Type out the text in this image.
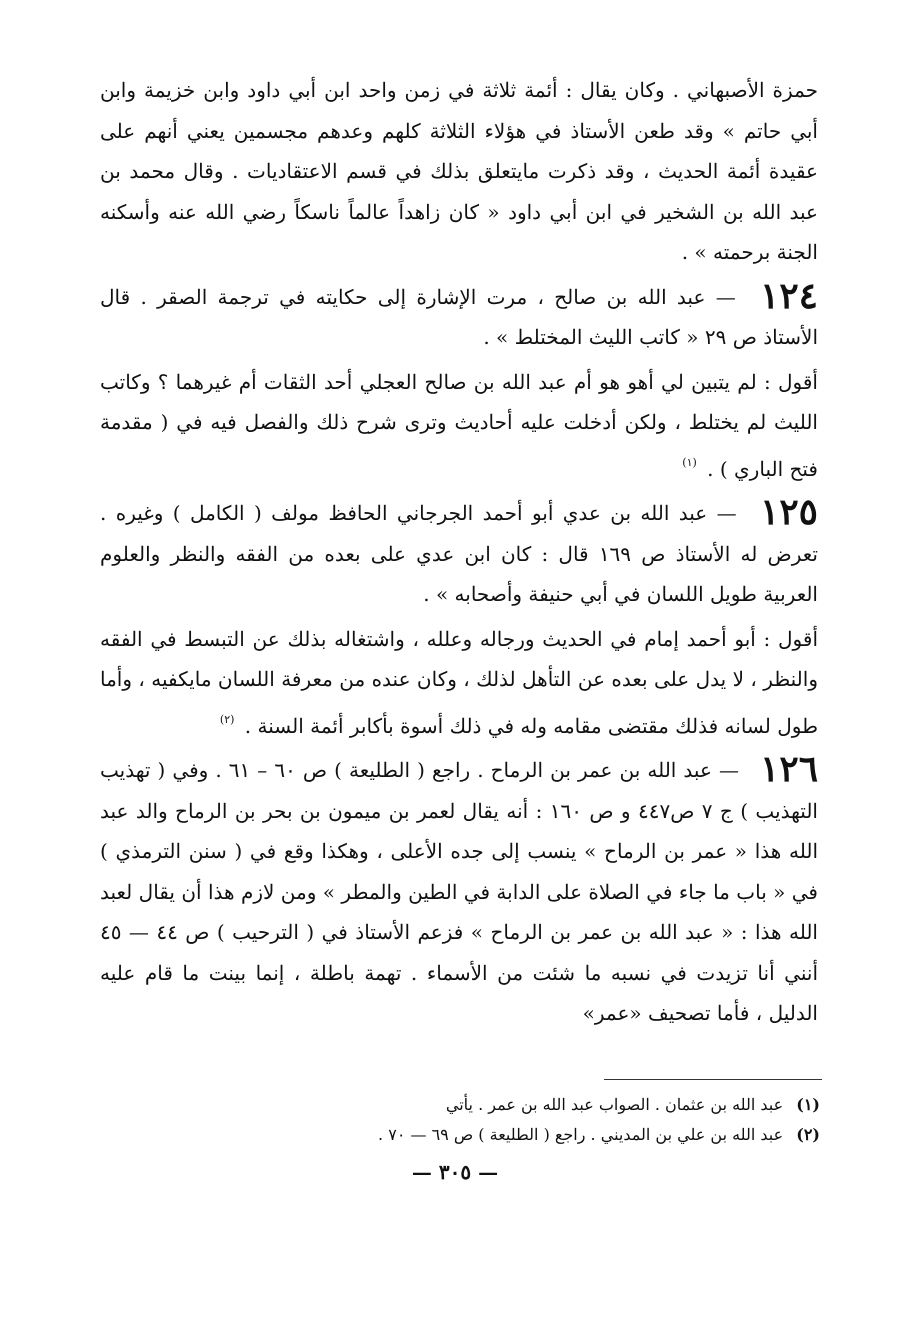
حمزة الأصبهاني . وكان يقال : أئمة ثلاثة في زمن واحد ابن أبي داود وابن خزيمة وابن أبي حاتم » وقد طعن الأستاذ في هؤلاء الثلاثة كلهم وعدهم مجسمين يعني أنهم على عقيدة أئمة الحديث ، وقد ذكرت مايتعلق بذلك في قسم الاعتقاديات . وقال محمد بن عبد الله بن الشخير في ابن أبي داود « كان زاهداً عالماً ناسكاً رضي الله عنه وأسكنه الجنة برحمته » .

١٢٤ — عبد الله بن صالح ، مرت الإشارة إلى حكايته في ترجمة الصقر . قال الأستاذ ص ٢٩ « كاتب الليث المختلط » .

أقول : لم يتبين لي أهو هو أم عبد الله بن صالح العجلي أحد الثقات أم غيرهما ؟ وكاتب الليث لم يختلط ، ولكن أدخلت عليه أحاديث وترى شرح ذلك والفصل فيه في ( مقدمة فتح الباري ) . $^{(١)}$

١٢٥ — عبد الله بن عدي أبو أحمد الجرجاني الحافظ مولف ( الكامل ) وغيره . تعرض له الأستاذ ص ١٦٩ قال : كان ابن عدي على بعده من الفقه والنظر والعلوم العربية طويل اللسان في أبي حنيفة وأصحابه » .

أقول : أبو أحمد إمام في الحديث ورجاله وعلله ، واشتغاله بذلك عن التبسط في الفقه والنظر ، لا يدل على بعده عن التأهل لذلك ، وكان عنده من معرفة اللسان مايكفيه ، وأما طول لسانه فذلك مقتضى مقامه وله في ذلك أسوة بأكابر أئمة السنة . $^{(٢)}$

١٢٦ — عبد الله بن عمر بن الرماح . راجع ( الطليعة ) ص ٦٠ – ٦١ . وفي ( تهذيب التهذيب ) ج ٧ ص٤٤٧ و ص ١٦٠ : أنه يقال لعمر بن ميمون بن بحر بن الرماح والد عبد الله هذا « عمر بن الرماح » ينسب إلى جده الأعلى ، وهكذا وقع في ( سنن الترمذي ) في « باب ما جاء في الصلاة على الدابة في الطين والمطر » ومن لازم هذا أن يقال لعبد الله هذا : « عبد الله بن عمر بن الرماح » فزعم الأستاذ في ( الترحيب ) ص ٤٤ — ٤٥ أنني أنا تزيدت في نسبه ما شئت من الأسماء . تهمة باطلة ، إنما بينت ما قام عليه الدليل ، فأما تصحيف «عمر»

(١) عبد الله بن عثمان . الصواب عبد الله بن عمر . يأتي

(٢) عبد الله بن علي بن المديني . راجع ( الطليعة ) ص ٦٩ — ٧٠ .

— ٣٠٥ —
